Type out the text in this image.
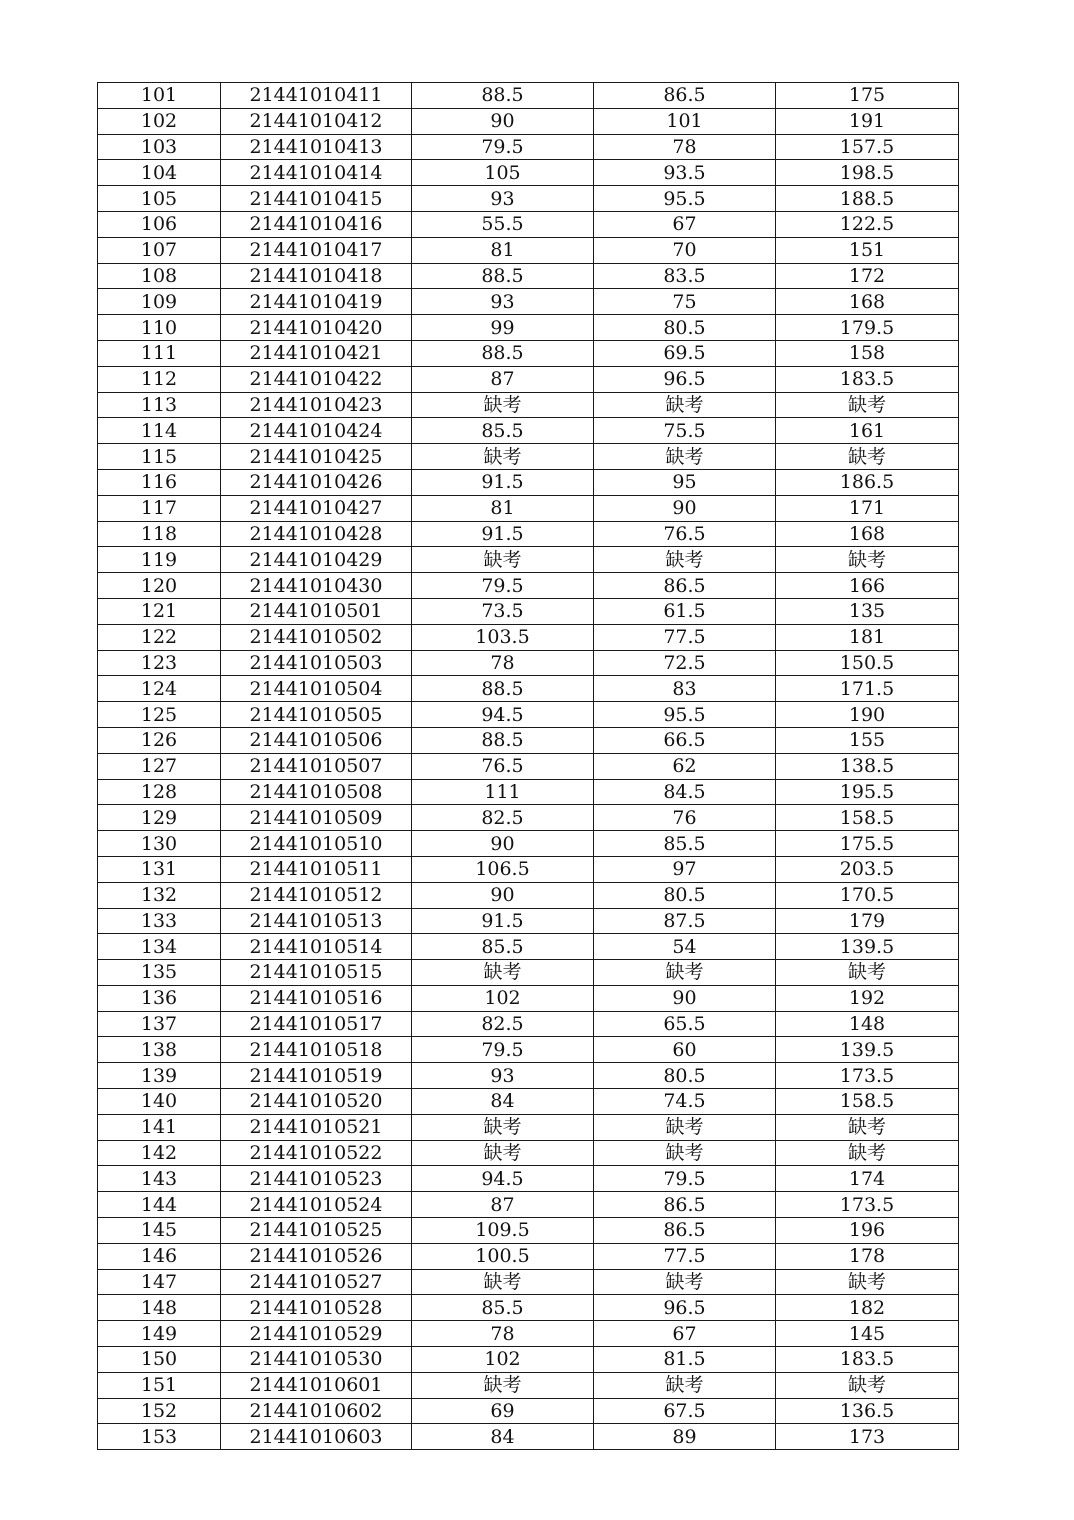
101	21441010411	88.5	86.5	175
102	21441010412	90	101	191
103	21441010413	79.5	78	157.5
104	21441010414	105	93.5	198.5
105	21441010415	93	95.5	188.5
106	21441010416	55.5	67	122.5
107	21441010417	81	70	151
108	21441010418	88.5	83.5	172
109	21441010419	93	75	168
110	21441010420	99	80.5	179.5
111	21441010421	88.5	69.5	158
112	21441010422	87	96.5	183.5
113	21441010423	缺考	缺考	缺考
114	21441010424	85.5	75.5	161
115	21441010425	缺考	缺考	缺考
116	21441010426	91.5	95	186.5
117	21441010427	81	90	171
118	21441010428	91.5	76.5	168
119	21441010429	缺考	缺考	缺考
120	21441010430	79.5	86.5	166
121	21441010501	73.5	61.5	135
122	21441010502	103.5	77.5	181
123	21441010503	78	72.5	150.5
124	21441010504	88.5	83	171.5
125	21441010505	94.5	95.5	190
126	21441010506	88.5	66.5	155
127	21441010507	76.5	62	138.5
128	21441010508	111	84.5	195.5
129	21441010509	82.5	76	158.5
130	21441010510	90	85.5	175.5
131	21441010511	106.5	97	203.5
132	21441010512	90	80.5	170.5
133	21441010513	91.5	87.5	179
134	21441010514	85.5	54	139.5
135	21441010515	缺考	缺考	缺考
136	21441010516	102	90	192
137	21441010517	82.5	65.5	148
138	21441010518	79.5	60	139.5
139	21441010519	93	80.5	173.5
140	21441010520	84	74.5	158.5
141	21441010521	缺考	缺考	缺考
142	21441010522	缺考	缺考	缺考
143	21441010523	94.5	79.5	174
144	21441010524	87	86.5	173.5
145	21441010525	109.5	86.5	196
146	21441010526	100.5	77.5	178
147	21441010527	缺考	缺考	缺考
148	21441010528	85.5	96.5	182
149	21441010529	78	67	145
150	21441010530	102	81.5	183.5
151	21441010601	缺考	缺考	缺考
152	21441010602	69	67.5	136.5
153	21441010603	84	89	173
